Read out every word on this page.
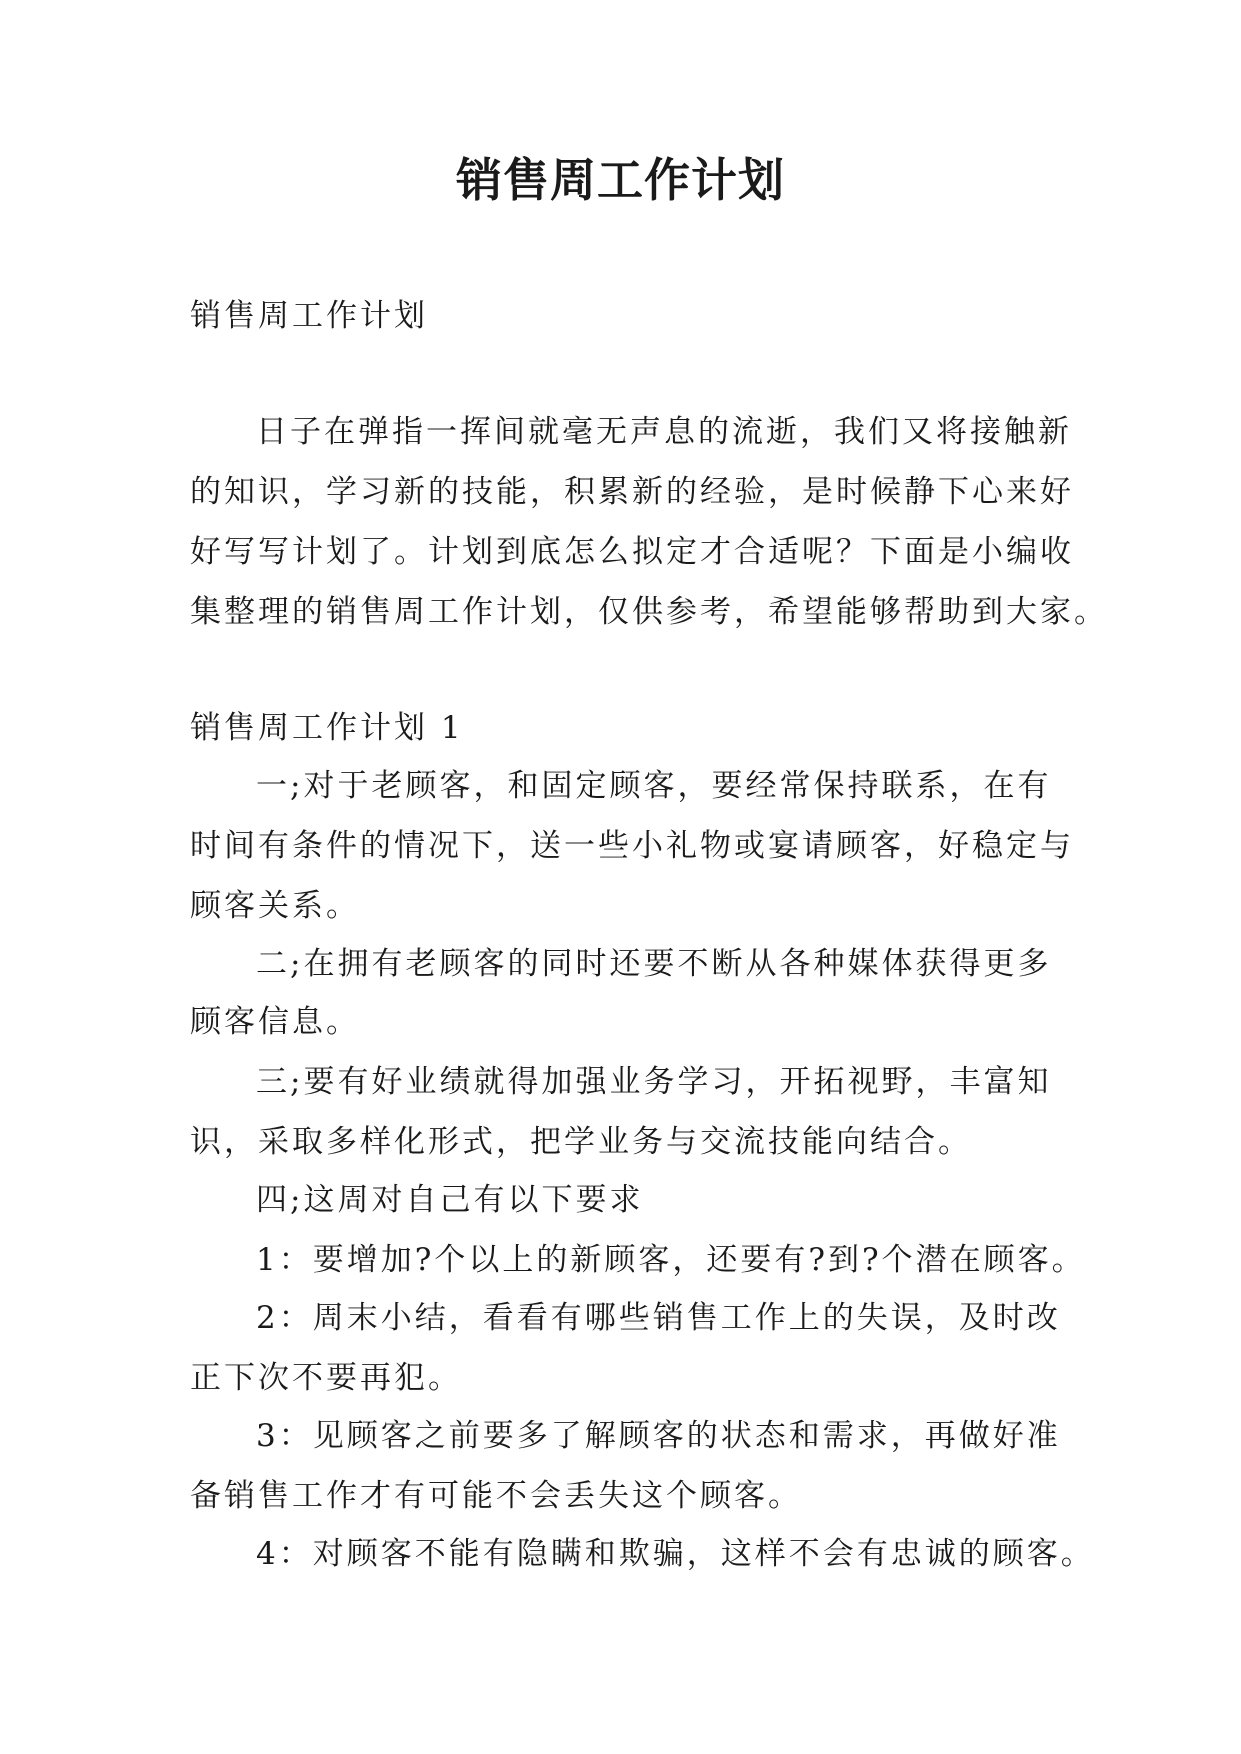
销售周工作计划
销售周工作计划
日子在弹指一挥间就毫无声息的流逝，我们又将接触新
的知识，学习新的技能，积累新的经验，是时候静下心来好
好写写计划了。计划到底怎么拟定才合适呢？下面是小编收
集整理的销售周工作计划，仅供参考，希望能够帮助到大家。
销售周工作计划 1
一;对于老顾客，和固定顾客，要经常保持联系，在有
时间有条件的情况下，送一些小礼物或宴请顾客，好稳定与
顾客关系。
二;在拥有老顾客的同时还要不断从各种媒体获得更多
顾客信息。
三;要有好业绩就得加强业务学习，开拓视野，丰富知
识，采取多样化形式，把学业务与交流技能向结合。
四;这周对自己有以下要求
1：要增加?个以上的新顾客，还要有?到?个潜在顾客。
2：周末小结，看看有哪些销售工作上的失误，及时改
正下次不要再犯。
3：见顾客之前要多了解顾客的状态和需求，再做好准
备销售工作才有可能不会丢失这个顾客。
4：对顾客不能有隐瞒和欺骗，这样不会有忠诚的顾客。
